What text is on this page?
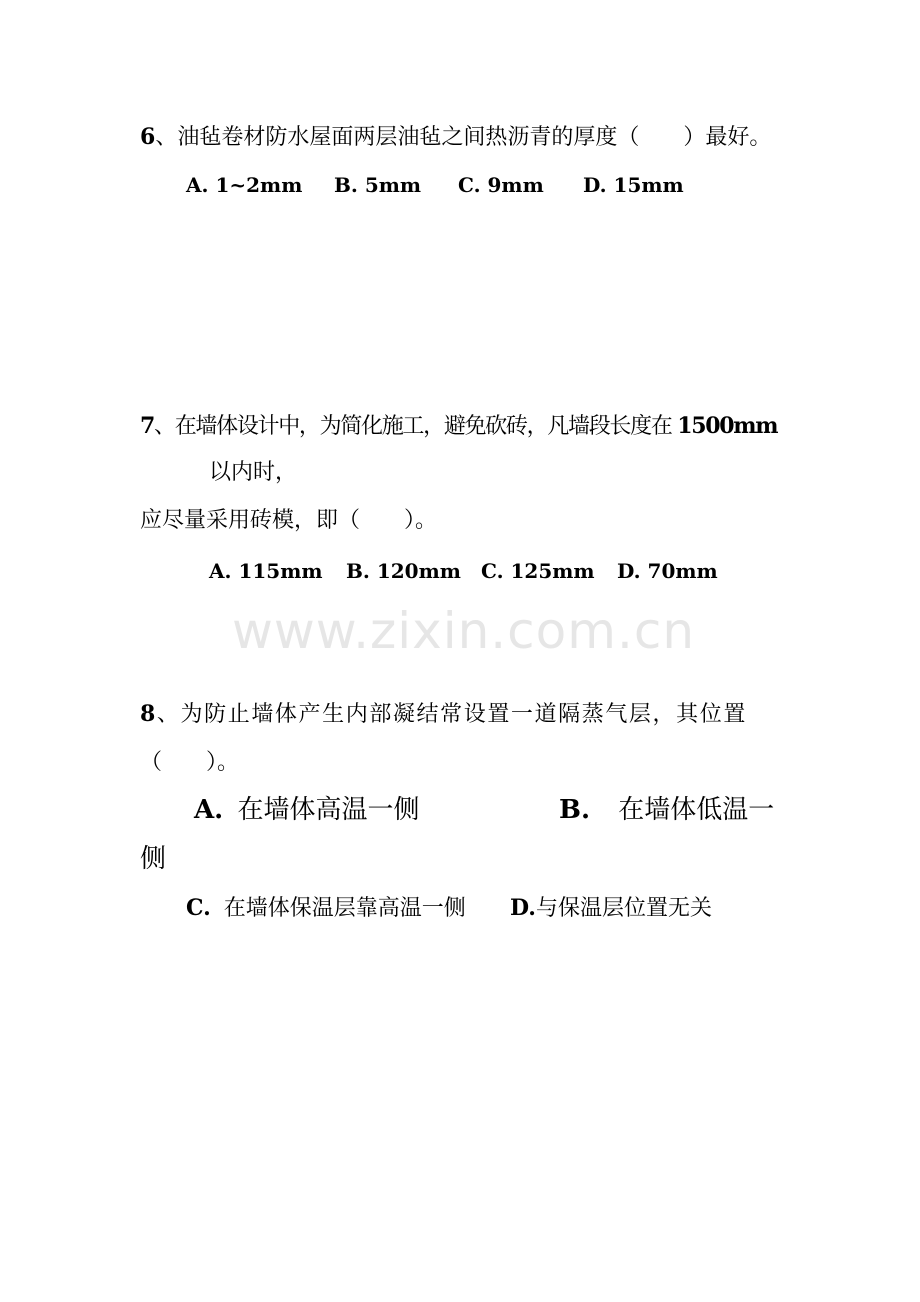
www.zixin.com.cn
6、油毡卷材防水屋面两层油毡之间热沥青的厚度（　　）最好。
A. 1~2mm B. 5mm C. 9mm D. 15mm
7、在墙体设计中，为简化施工，避免砍砖，凡墙段长度在 1500mm
以内时，
应尽量采用砖模，即（　　）。
A. 115mm B. 120mm C. 125mm D. 70mm
8、为防止墙体产生内部凝结常设置一道隔蒸气层，其位置
（　　）。
A. 在墙体高温一侧	B. 在墙体低温一
侧
C. 在墙体保温层靠高温一侧 D.与保温层位置无关
